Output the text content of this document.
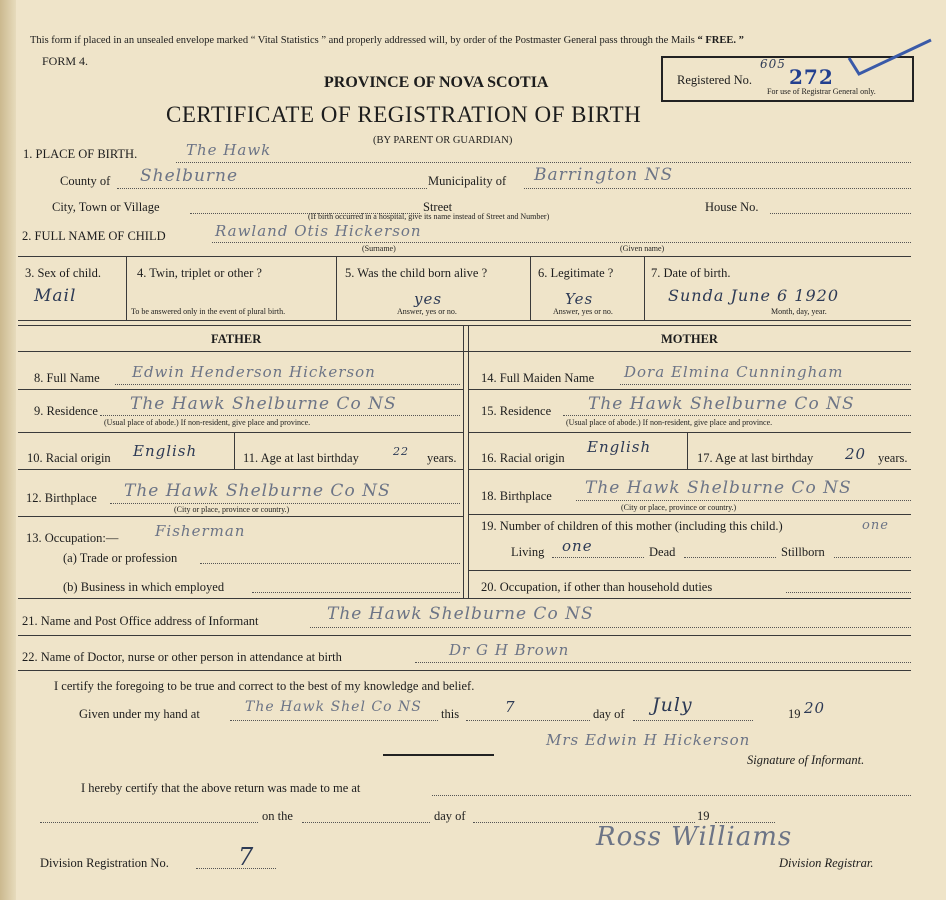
This form if placed in an unsealed envelope marked “ Vital Statistics ” and properly addressed will, by order of the Postmaster General pass through the Mails “ FREE. ”
FORM 4.
Registered No.
605
272
For use of Registrar General only.
PROVINCE OF NOVA SCOTIA
CERTIFICATE OF REGISTRATION OF BIRTH
(BY PARENT OR GUARDIAN)
1. PLACE OF BIRTH.	The Hawk
County of Shelburne	Municipality of Barrington NS
City, Town or Village	Street
(If birth occurred in a hospital, give its name instead of Street and Number)
House No.
2. FULL NAME OF CHILD	Rawland Otis Hickerson
(Surname)	(Given name)
3. Sex of child.
Mail
4. Twin, triplet or other ?
To be answered only in the event of plural birth.
5. Was the child born alive ?
yes
Answer, yes or no.
6. Legitimate ?
Yes
Answer, yes or no.
7. Date of birth.
Sunda June 6 1920
Month, day, year.
FATHER	MOTHER
8. Full Name Edwin Henderson Hickerson
9. Residence The Hawk Shelburne Co NS
(Usual place of abode.) If non-resident, give place and province.
10. Racial origin English	11. Age at last birthday	22 years.
12. Birthplace The Hawk Shelburne Co NS
(City or place, province or country.)
13. Occupation:— Fisherman
(a) Trade or profession
(b) Business in which employed
14. Full Maiden Name Dora Elmina Cunningham
15. Residence The Hawk Shelburne Co NS
(Usual place of abode.) If non-resident, give place and province.
16. Racial origin
English
17. Age at last birthday 20 years.
18. Birthplace The Hawk Shelburne Co NS
(City or place, province or country.)
19. Number of children of this mother (including this child.)	one
Living one	Dead	Stillborn
20. Occupation, if other than household duties
21. Name and Post Office address of Informant	The Hawk Shelburne Co NS
22. Name of Doctor, nurse or other person in attendance at birth	Dr G H Brown
I certify the foregoing to be true and correct to the best of my knowledge and belief.
Given under my hand at	The Hawk Shel Co NS this	7	day of July	19 20
Mrs Edwin H Hickerson
Signature of Informant.
I hereby certify that the above return was made to me at
on the	day of	19
Division Registration No.	7
Ross Williams
Division Registrar.
